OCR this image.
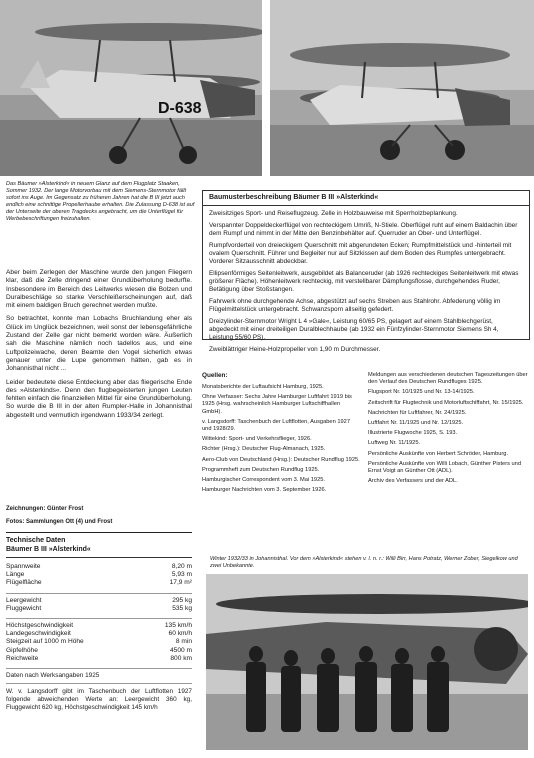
D-638
Das Bäumer »Alsterkind« in neuem Glanz auf dem Flugplatz Staaken, Sommer 1932. Der lange Motorvorbau mit dem Siemens-Sternmotor fällt sofort ins Auge. Im Gegensatz zu früheren Jahren hat die B III jetzt auch endlich eine schnittige Propellerhaube erhalten. Die Zulassung D-638 ist auf der Unterseite der oberen Tragdecks angebracht, um die Unterflügel für Werbebeschriftungen freizuhalten.

Aber beim Zerlegen der Maschine wurde den jungen Fliegern klar, daß die Zelle dringend einer Grundüberholung bedurfte. Insbesondere im Bereich des Leitwerks wiesen die Bolzen und Duralbeschläge so starke Verschleißerscheinungen auf, daß mit einem baldigen Bruch gerechnet werden mußte.

So betrachtet, konnte man Lobachs Bruchlandung eher als Glück im Unglück bezeichnen, weil sonst der lebensgefährliche Zustand der Zelle gar nicht bemerkt worden wäre. Äußerlich sah die Maschine nämlich noch tadellos aus, und eine Luftpolizeiwache, deren Beamte den Vogel sicherlich etwas genauer unter die Lupe genommen hätten, gab es in Johannisthal nicht ...

Leider bedeutete diese Entdeckung aber das fliegerische Ende des »Alsterkinds«. Denn den flugbegeisterten jungen Leuten fehlten einfach die finanziellen Mittel für eine Grundüberholung. So wurde die B III in der alten Rumpler-Halle in Johannisthal abgestellt und vermutlich irgendwann 1933/34 zerlegt.

Zeichnungen: Günter Frost
Fotos: Sammlungen Ott (4) und Frost
Technische Daten
Bäumer B III »Alsterkind«
Spannweite	8,20 m
Länge	5,93 m
Flügelfläche	17,9 m²
Leergewicht	295 kg
Fluggewicht	535 kg
Höchstgeschwindigkeit	135 km/h
Landegeschwindigkeit	60 km/h
Steigzeit auf 1000 m Höhe	8 min
Gipfelhöhe	4500 m
Reichweite	800 km
Daten nach Werksangaben 1925
W. v. Langsdorff gibt im Taschenbuch der Luftflotten 1927 folgende abweichenden Werte an: Leergewicht 360 kg, Fluggewicht 620 kg, Höchstgeschwindigkeit 145 km/h
Baumusterbeschreibung Bäumer B III »Alsterkind«

Zweisitziges Sport- und Reiseflugzeug. Zelle in Holzbauweise mit Sperrholzbeplankung.

Verspannter Doppeldeckerflügel von rechteckigem Umriß, N-Stiele. Oberflügel ruht auf einem Baldachin über dem Rumpf und nimmt in der Mitte den Benzinbehälter auf. Querruder an Ober- und Unterflügel.

Rumpfvorderteil von dreieckigem Querschnitt mit abgerundeten Ecken; Rumpfmittelstück und -hinterteil mit ovalem Querschnitt. Führer und Begleiter nur auf Sitzkissen auf dem Boden des Rumpfes untergebracht. Vorderer Sitzausschnitt abdeckbar.

Ellipsenförmiges Seitenleitwerk, ausgebildet als Balanceruder (ab 1926 rechteckiges Seitenleitwerk mit etwas größerer Fläche). Höhenleitwerk rechteckig, mit verstellbarer Dämpfungsflosse, durchgehendes Ruder, Betätigung über Stoßstangen.

Fahrwerk ohne durchgehende Achse, abgestützt auf sechs Streben aus Stahlrohr. Abfederung völlig im Flügelmittelstück untergebracht. Schwanzsporn allseitig gefedert.

Dreizylinder-Sternmotor Wright L 4 »Gale«, Leistung 60/65 PS, gelagert auf einem Stahlblechgerüst, abgedeckt mit einer dreiteiligen Duralblechhaube (ab 1932 ein Fünfzylinder-Sternmotor Siemens Sh 4, Leistung 55/60 PS).

Zweiblättriger Heine-Holzpropeller von 1,90 m Durchmesser.

Quellen:

Monatsberichte der Luftaufsicht Hamburg, 1925.

Ohne Verfasser: Sechs Jahre Hamburger Luftfahrt 1919 bis 1925 (Hrsg. wahrscheinlich Hamburger Luftschiffhallen GmbH).

v. Langsdorff: Taschenbuch der Luftflotten, Ausgaben 1927 und 1928/29.

Wittekind: Sport- und Verkehrsflieger, 1926.

Richter (Hrsg.): Deutscher Flug-Almanach, 1925.

Aero-Club von Deutschland (Hrsg.): Deutscher Rundflug 1925.

Programmheft zum Deutschen Rundflug 1925.

Hamburgischer Correspondent vom 3. Mai 1925.

Hamburger Nachrichten vom 3. September 1926.

Meldungen aus verschiedenen deutschen Tageszeitungen über den Verlauf des Deutschen Rundfluges 1925.

Flugsport Nr. 10/1925 und Nr. 13-14/1925.

Zeitschrift für Flugtechnik und Motorluftschiffahrt, Nr. 15/1925.

Nachrichten für Luftfahrer, Nr. 24/1925.

Luftfahrt Nr. 11/1925 und Nr. 12/1925.

Illustrierte Flugwoche 1925, S. 193.

Luftweg Nr. 11/1925.

Persönliche Auskünfte von Herbert Schröder, Hamburg.

Persönliche Auskünfte von Willi Lobach, Günther Pisters und Ernst Voigt an Günther Ott (ADL).

Archiv des Verfassers und der ADL.

Winter 1932/33 in Johannisthal. Vor dem »Alsterkind« stehen v. l. n. r.: Willi Birr, Hans Potratz, Werner Zober, Siegelkow und zwei Unbekannte.
